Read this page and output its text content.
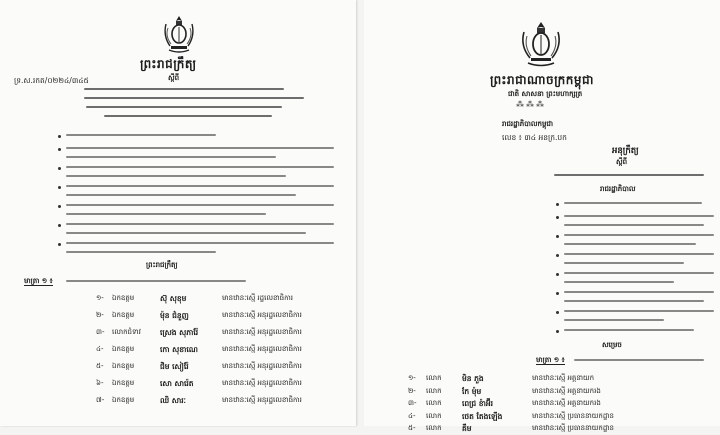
ព្រះរាជក្រឹត្យ
ស្ដីពី
ទ្រ.ស.រកត/០២២៤/៣៤៥
ព្រះរាជក្រឹត្យ
មាត្រា ១ ៖
១- ឯកឧត្តម	ស៊ុ សុខុម	មានឋានៈស្មើ រដ្ឋលេខាធិការ
២- ឯកឧត្តម	ម៉ុន ជំនួញ	មានឋានៈស្មើ អនុរដ្ឋលេខាធិការ
៣- លោកជំទាវ	ស្រេង សុភារ៉ែ	មានឋានៈស្មើ អនុរដ្ឋលេខាធិការ
៤- ឯកឧត្តម	កោ សុខាណេ	មានឋានៈស្មើ អនុរដ្ឋលេខាធិការ
៥- ឯកឧត្តម	ជិម សៀរ៉ែ	មានឋានៈស្មើ អនុរដ្ឋលេខាធិការ
៦- ឯកឧត្តម	សោ សារ៉េត	មានឋានៈស្មើ អនុរដ្ឋលេខាធិការ
៧- ឯកឧត្តម	ឈិ សារៈ	មានឋានៈស្មើ អនុរដ្ឋលេខាធិការ
ព្រះរាជាណាចក្រកម្ពុជា
ជាតិ សាសនា ព្រះមហាក្សត្រ
⁂⁂⁂
រាជរដ្ឋាភិបាលកម្ពុជា
លេខ ៖ ៣៤ អនក្រ.បក
អនុក្រឹត្យ
ស្ដីពី
រាជរដ្ឋាភិបាល
សម្រេច
មាត្រា ១ ៖
១- លោក	មិន ភួង	មានឋានៈស្មើ អគ្គនាយក
២- លោក	កែ ម៉ុម	មានឋានៈស្មើ អគ្គនាយករង
៣- លោក	ពេជ្រ ខ៉ាអ៊ីរ	មានឋានៈស្មើ អគ្គនាយករង
៤- លោក	ថេត តែងឡើង	មានឋានៈស្មើ ប្រធាននាយកដ្ឋាន
៥- លោក	គឹម	មានឋានៈស្មើ ប្រធាននាយកដ្ឋាន
